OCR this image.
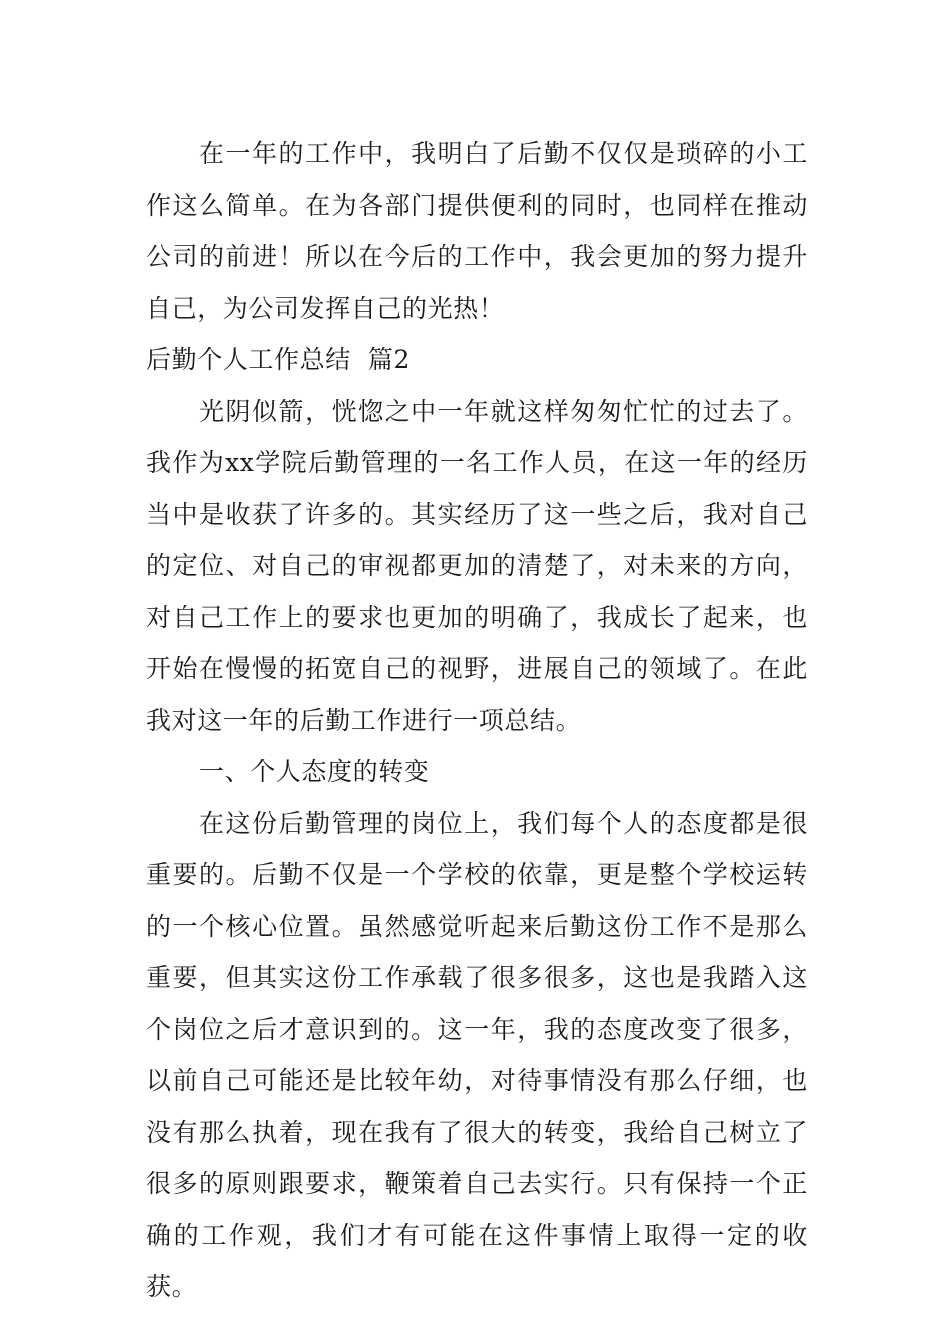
在一年的工作中，我明白了后勤不仅仅是琐碎的小工作这么简单。在为各部门提供便利的同时，也同样在推动公司的前进！所以在今后的工作中，我会更加的努力提升自己，为公司发挥自己的光热！

后勤个人工作总结  篇2

光阴似箭，恍惚之中一年就这样匆匆忙忙的过去了。我作为xx学院后勤管理的一名工作人员，在这一年的经历当中是收获了许多的。其实经历了这一些之后，我对自己的定位、对自己的审视都更加的清楚了，对未来的方向，对自己工作上的要求也更加的明确了，我成长了起来，也开始在慢慢的拓宽自己的视野，进展自己的领域了。在此我对这一年的后勤工作进行一项总结。

一、个人态度的转变

在这份后勤管理的岗位上，我们每个人的态度都是很重要的。后勤不仅是一个学校的依靠，更是整个学校运转的一个核心位置。虽然感觉听起来后勤这份工作不是那么重要，但其实这份工作承载了很多很多，这也是我踏入这个岗位之后才意识到的。这一年，我的态度改变了很多，以前自己可能还是比较年幼，对待事情没有那么仔细，也没有那么执着，现在我有了很大的转变，我给自己树立了很多的原则跟要求，鞭策着自己去实行。只有保持一个正确的工作观，我们才有可能在这件事情上取得一定的收获。
